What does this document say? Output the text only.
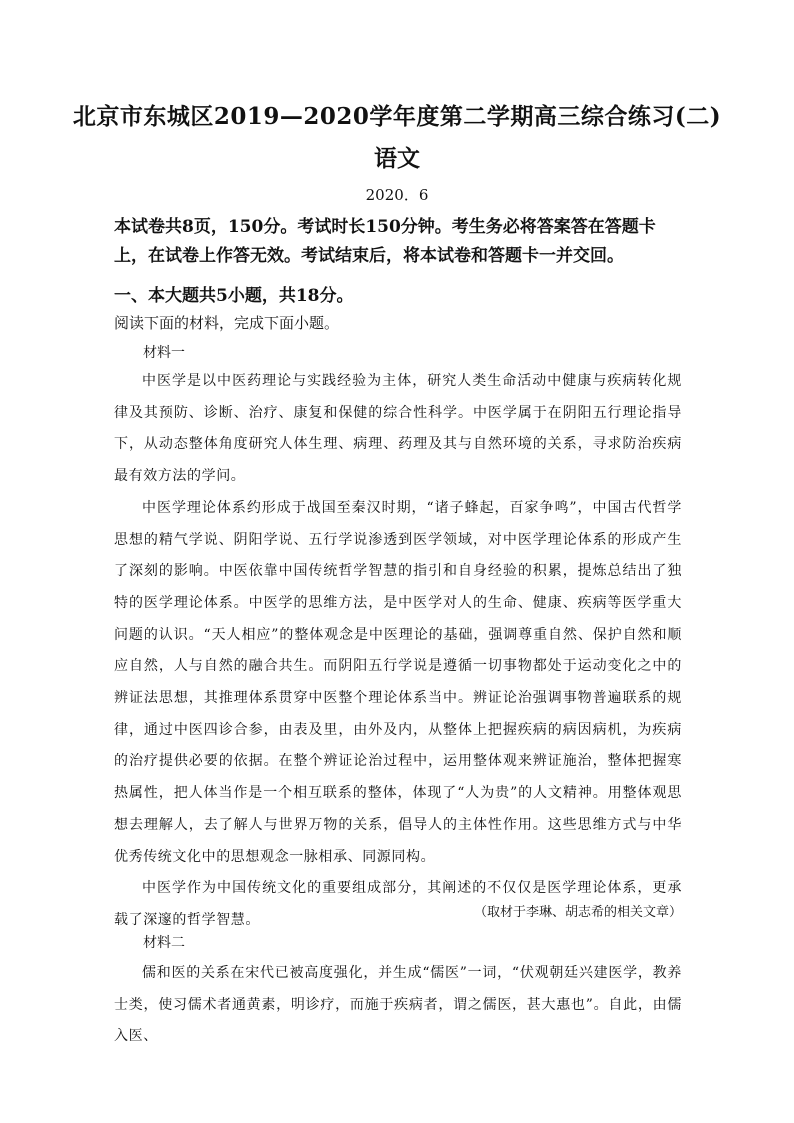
北京市东城区2019—2020学年度第二学期高三综合练习(二)
语文
2020．6
本试卷共8页，150分。考试时长150分钟。考生务必将答案答在答题卡上，在试卷上作答无效。考试结束后，将本试卷和答题卡一并交回。
一、本大题共5小题，共18分。
阅读下面的材料，完成下面小题。
材料一

中医学是以中医药理论与实践经验为主体，研究人类生命活动中健康与疾病转化规律及其预防、诊断、治疗、康复和保健的综合性科学。中医学属于在阴阳五行理论指导下，从动态整体角度研究人体生理、病理、药理及其与自然环境的关系，寻求防治疾病最有效方法的学问。

中医学理论体系约形成于战国至秦汉时期，“诸子蜂起，百家争鸣”，中国古代哲学思想的精气学说、阴阳学说、五行学说渗透到医学领域，对中医学理论体系的形成产生了深刻的影响。中医依靠中国传统哲学智慧的指引和自身经验的积累，提炼总结出了独特的医学理论体系。中医学的思维方法，是中医学对人的生命、健康、疾病等医学重大问题的认识。“天人相应”的整体观念是中医理论的基础，强调尊重自然、保护自然和顺应自然，人与自然的融合共生。而阴阳五行学说是遵循一切事物都处于运动变化之中的辨证法思想，其推理体系贯穿中医整个理论体系当中。辨证论治强调事物普遍联系的规律，通过中医四诊合参，由表及里，由外及内，从整体上把握疾病的病因病机，为疾病的治疗提供必要的依据。在整个辨证论治过程中，运用整体观来辨证施治，整体把握寒热属性，把人体当作是一个相互联系的整体，体现了“人为贵”的人文精神。用整体观思想去理解人，去了解人与世界万物的关系，倡导人的主体性作用。这些思维方式与中华优秀传统文化中的思想观念一脉相承、同源同构。

中医学作为中国传统文化的重要组成部分，其阐述的不仅仅是医学理论体系，更承载了深邃的哲学智慧。	（取材于李琳、胡志希的相关文章）
材料二

儒和医的关系在宋代已被高度强化，并生成“儒医”一词，“伏观朝廷兴建医学，教养士类，使习儒术者通黄素，明诊疗，而施于疾病者，谓之儒医，甚大惠也”。自此，由儒入医、
